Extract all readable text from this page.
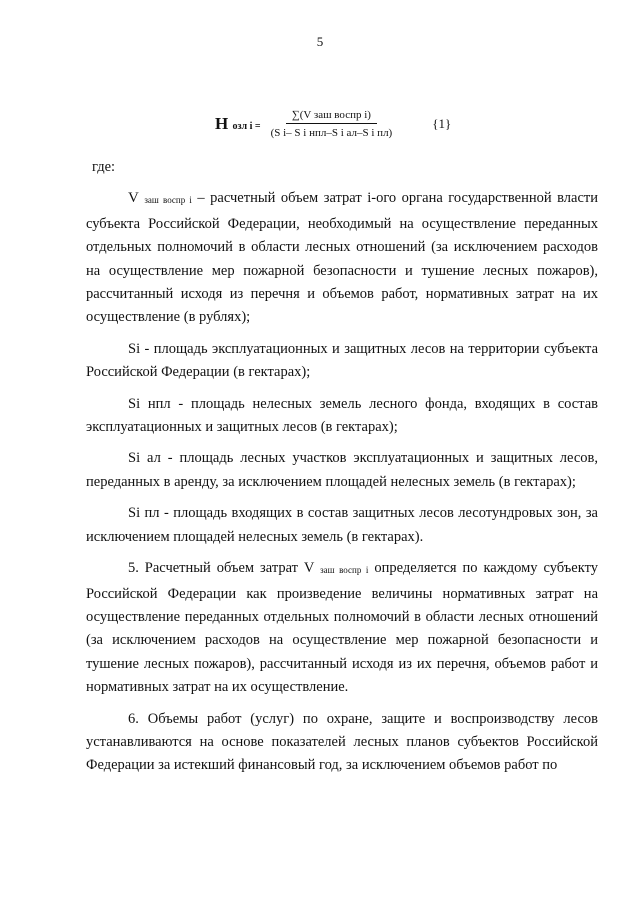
5
Н озл $i = \frac{\text{∑(V заш воспр i)}}{\text{(S i– S i нпл–S i ал–S i пл)}}$	{1}

где:

V заш воспр i – расчетный объем затрат i-ого органа государственной власти субъекта Российской Федерации, необходимый на осуществление переданных отдельных полномочий в области лесных отношений (за исключением расходов на осуществление мер пожарной безопасности и тушение лесных пожаров), рассчитанный исходя из перечня и объемов работ, нормативных затрат на их осуществление (в рублях);

Si - площадь эксплуатационных и защитных лесов на территории субъекта Российской Федерации (в гектарах);

Si нпл - площадь нелесных земель лесного фонда, входящих в состав эксплуатационных и защитных лесов (в гектарах);

Si ал - площадь лесных участков эксплуатационных и защитных лесов, переданных в аренду, за исключением площадей нелесных земель (в гектарах);

Si пл - площадь входящих в состав защитных лесов лесотундровых зон, за исключением площадей нелесных земель (в гектарах).

5. Расчетный объем затрат V заш воспр i определяется по каждому субъекту Российской Федерации как произведение величины нормативных затрат на осуществление переданных отдельных полномочий в области лесных отношений (за исключением расходов на осуществление мер пожарной безопасности и тушение лесных пожаров), рассчитанный исходя из их перечня, объемов работ и нормативных затрат на их осуществление.

6. Объемы работ (услуг) по охране, защите и воспроизводству лесов устанавливаются на основе показателей лесных планов субъектов Российской Федерации за истекший финансовый год, за исключением объемов работ по
